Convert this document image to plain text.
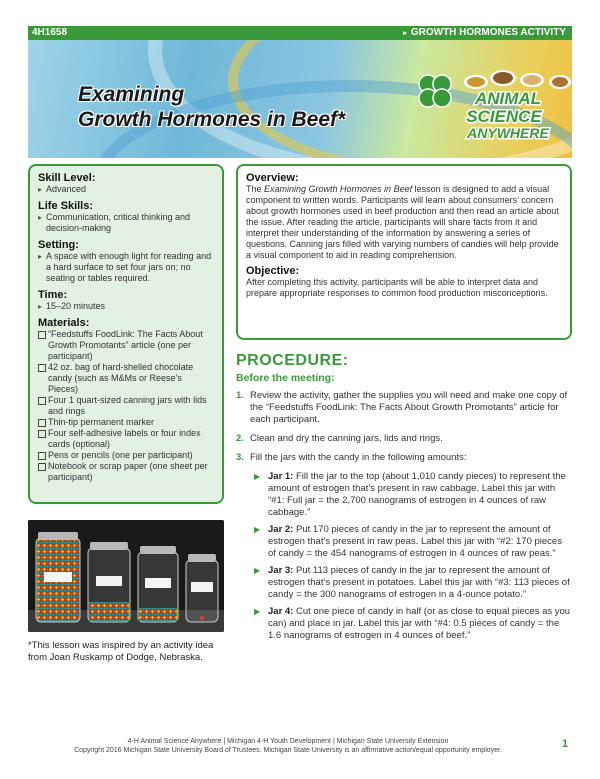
4H1658	▸ GROWTH HORMONES ACTIVITY
Examining
Growth Hormones in Beef*
ANIMAL
SCIENCE
ANYWHERE
Skill Level:
▸ Advanced
Life Skills:
▸ Communication, critical thinking and decision-making
Setting:
▸ A space with enough light for reading and a hard surface to set four jars on; no seating or tables required.
Time:
▸ 15–20 minutes
Materials:
“Feedstuffs FoodLink: The Facts About Growth Promotants” article (one per participant)
42 oz. bag of hard-shelled chocolate candy (such as M&Ms or Reese’s Pieces)
Four 1 quart-sized canning jars with lids and rings
Thin-tip permanent marker
Four self-adhesive labels or four index cards (optional)
Pens or pencils (one per participant)
Notebook or scrap paper (one sheet per participant)
*This lesson was inspired by an activity idea from Joan Ruskamp of Dodge, Nebraska.
Overview:

The Examining Growth Hormones in Beef lesson is designed to add a visual component to written words. Participants will learn about consumers’ concern about growth hormones used in beef production and then read an article about the issue. After reading the article, participants will share facts from it and interpret their understanding of the information by answering a series of questions. Canning jars filled with varying numbers of candies will help provide a visual component to aid in reading comprehension.

Objective:

After completing this activity, participants will be able to interpret data and prepare appropriate responses to common food production misconceptions.

PROCEDURE:
Before the meeting:
1. Review the activity, gather the supplies you will need and make one copy of the “Feedstuffs FoodLink: The Facts About Growth Promotants” article for each participant.
2. Clean and dry the canning jars, lids and rings.
3. Fill the jars with the candy in the following amounts:
▶ Jar 1: Fill the jar to the top (about 1,010 candy pieces) to represent the amount of estrogen that’s present in raw cabbage. Label this jar with “#1: Full jar = the 2,700 nanograms of estrogen in 4 ounces of raw cabbage.”
▶ Jar 2: Put 170 pieces of candy in the jar to represent the amount of estrogen that’s present in raw peas. Label this jar with “#2: 170 pieces of candy = the 454 nanograms of estrogen in 4 ounces of raw peas.”
▶ Jar 3: Put 113 pieces of candy in the jar to represent the amount of estrogen that’s present in potatoes. Label this jar with “#3: 113 pieces of candy = the 300 nanograms of estrogen in a 4-ounce potato.”
▶ Jar 4: Cut one piece of candy in half (or as close to equal pieces as you can) and place in jar. Label this jar with “#4: 0.5 pieces of candy = the 1.6 nanograms of estrogen in 4 ounces of beef.”
4-H Animal Science Anywhere | Michigan 4-H Youth Development | Michigan State University Extension
Copyright 2016 Michigan State University Board of Trustees. Michigan State University is an affirmative action/equal opportunity employer.
1
